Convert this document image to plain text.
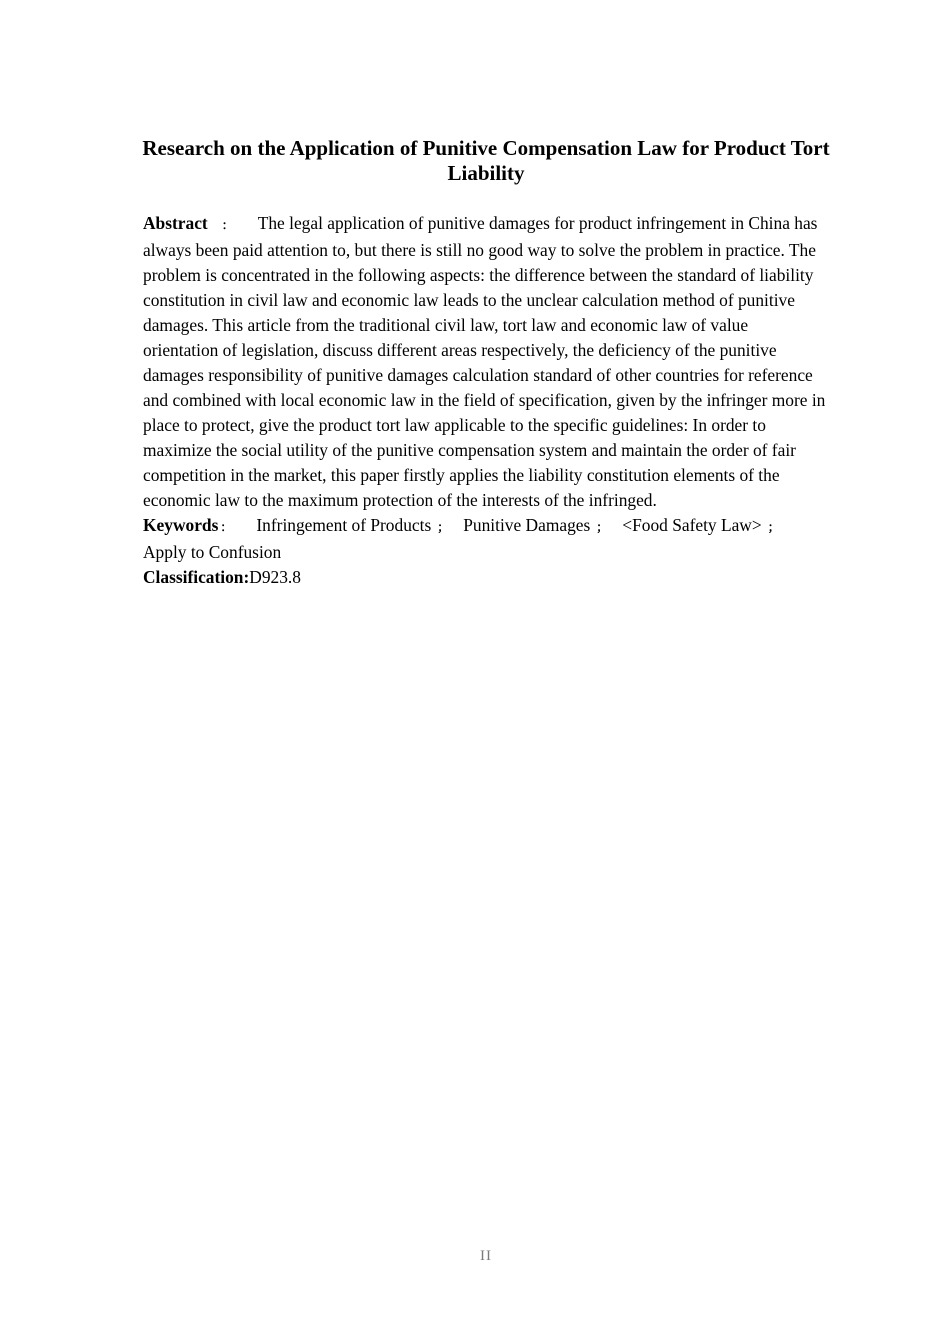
Research on the Application of Punitive Compensation Law for Product Tort Liability

Abstract ： The legal application of punitive damages for product infringement in China has always been paid attention to, but there is still no good way to solve the problem in practice. The problem is concentrated in the following aspects: the difference between the standard of liability constitution in civil law and economic law leads to the unclear calculation method of punitive damages. This article from the traditional civil law, tort law and economic law of value orientation of legislation, discuss different areas respectively, the deficiency of the punitive damages responsibility of punitive damages calculation standard of other countries for reference and combined with local economic law in the field of specification, given by the infringer more in place to protect, give the product tort law applicable to the specific guidelines: In order to maximize the social utility of the punitive compensation system and maintain the order of fair competition in the market, this paper firstly applies the liability constitution elements of the economic law to the maximum protection of the interests of the infringed.

Keywords ： Infringement of Products ； Punitive Damages ； <Food Safety Law> ；

Apply to Confusion

Classification:D923.8

II
